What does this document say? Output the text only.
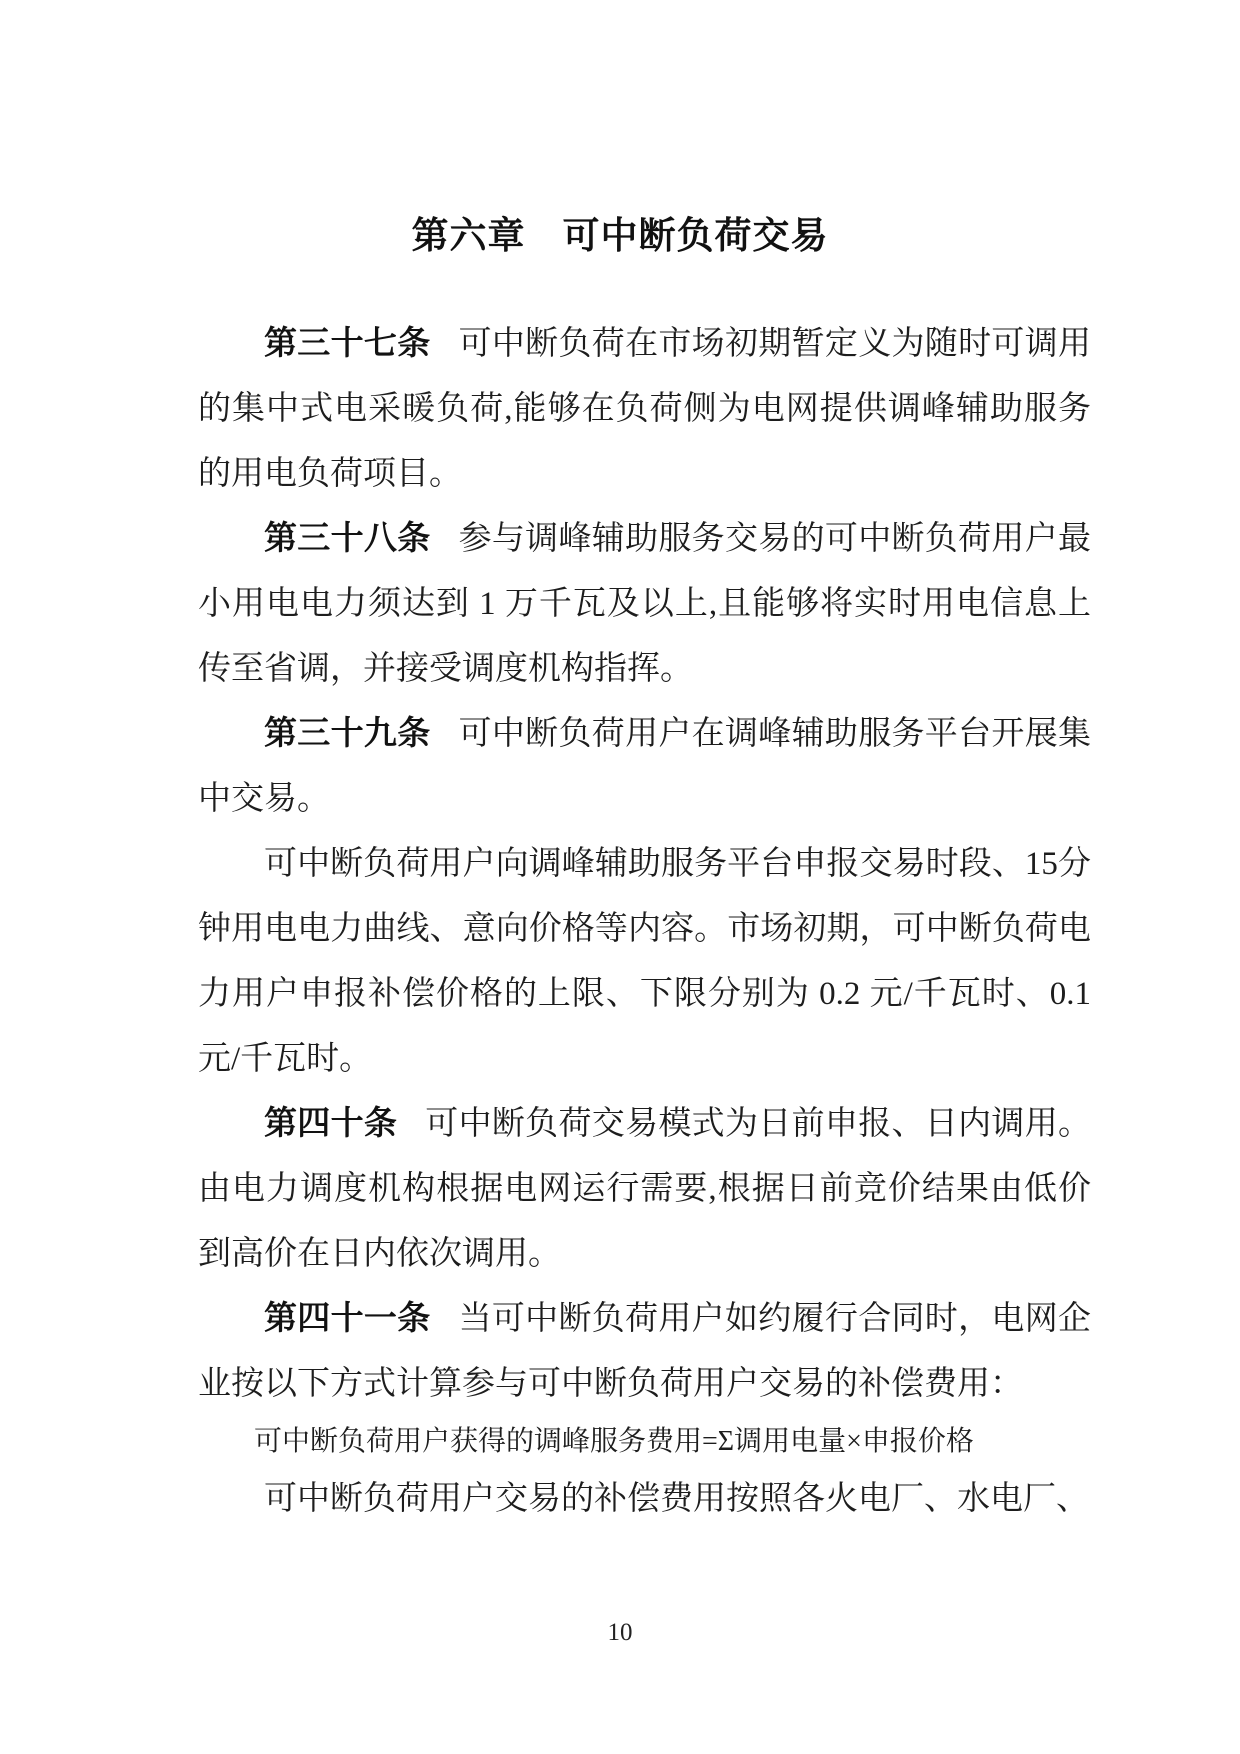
第六章 可中断负荷交易

第三十七条 可中断负荷在市场初期暂定义为随时可调用的集中式电采暖负荷,能够在负荷侧为电网提供调峰辅助服务的用电负荷项目。

第三十八条 参与调峰辅助服务交易的可中断负荷用户最小用电电力须达到 1 万千瓦及以上,且能够将实时用电信息上传至省调，并接受调度机构指挥。

第三十九条 可中断负荷用户在调峰辅助服务平台开展集中交易。

可中断负荷用户向调峰辅助服务平台申报交易时段、15分钟用电电力曲线、意向价格等内容。市场初期，可中断负荷电力用户申报补偿价格的上限、下限分别为 0.2 元/千瓦时、0.1 元/千瓦时。

第四十条 可中断负荷交易模式为日前申报、日内调用。由电力调度机构根据电网运行需要,根据日前竞价结果由低价到高价在日内依次调用。

第四十一条 当可中断负荷用户如约履行合同时，电网企业按以下方式计算参与可中断负荷用户交易的补偿费用：

可中断负荷用户获得的调峰服务费用=Σ调用电量×申报价格

可中断负荷用户交易的补偿费用按照各火电厂、水电厂、

10
